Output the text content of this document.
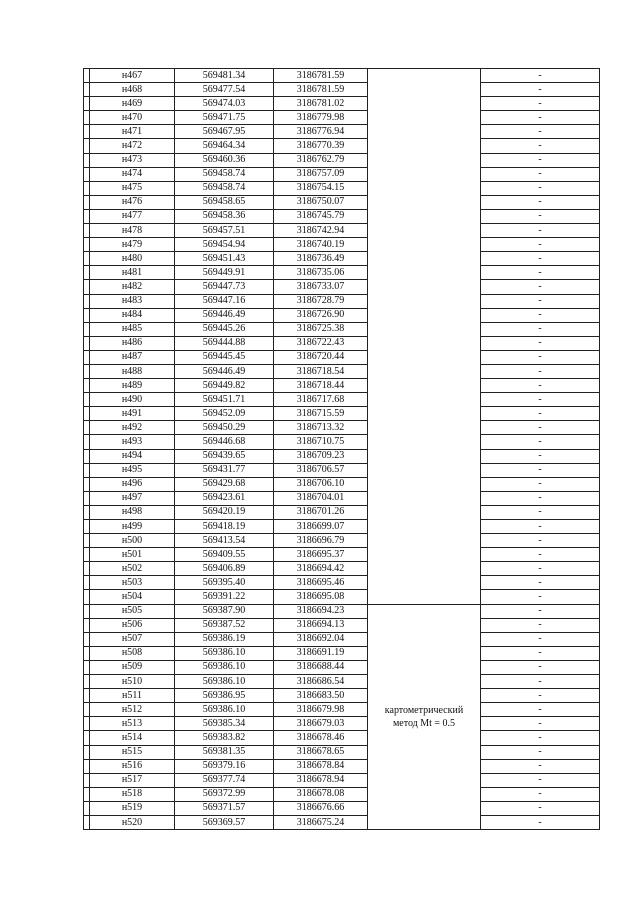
	н467	569481.34	3186781.59		-
	н468	569477.54	3186781.59		-
	н469	569474.03	3186781.02		-
	н470	569471.75	3186779.98		-
	н471	569467.95	3186776.94		-
	н472	569464.34	3186770.39		-
	н473	569460.36	3186762.79		-
	н474	569458.74	3186757.09		-
	н475	569458.74	3186754.15		-
	н476	569458.65	3186750.07		-
	н477	569458.36	3186745.79		-
	н478	569457.51	3186742.94		-
	н479	569454.94	3186740.19		-
	н480	569451.43	3186736.49		-
	н481	569449.91	3186735.06		-
	н482	569447.73	3186733.07		-
	н483	569447.16	3186728.79		-
	н484	569446.49	3186726.90		-
	н485	569445.26	3186725.38		-
	н486	569444.88	3186722.43		-
	н487	569445.45	3186720.44		-
	н488	569446.49	3186718.54		-
	н489	569449.82	3186718.44		-
	н490	569451.71	3186717.68		-
	н491	569452.09	3186715.59		-
	н492	569450.29	3186713.32		-
	н493	569446.68	3186710.75		-
	н494	569439.65	3186709.23		-
	н495	569431.77	3186706.57		-
	н496	569429.68	3186706.10		-
	н497	569423.61	3186704.01		-
	н498	569420.19	3186701.26		-
	н499	569418.19	3186699.07		-
	н500	569413.54	3186696.79		-
	н501	569409.55	3186695.37		-
	н502	569406.89	3186694.42		-
	н503	569395.40	3186695.46		-
	н504	569391.22	3186695.08		-
	н505	569387.90	3186694.23	картометрический
метод Mt = 0.5	-
	н506	569387.52	3186694.13		-
	н507	569386.19	3186692.04		-
	н508	569386.10	3186691.19		-
	н509	569386.10	3186688.44		-
	н510	569386.10	3186686.54		-
	н511	569386.95	3186683.50		-
	н512	569386.10	3186679.98		-
	н513	569385.34	3186679.03		-
	н514	569383.82	3186678.46		-
	н515	569381.35	3186678.65		-
	н516	569379.16	3186678.84		-
	н517	569377.74	3186678.94		-
	н518	569372.99	3186678.08		-
	н519	569371.57	3186676.66		-
	н520	569369.57	3186675.24		-
